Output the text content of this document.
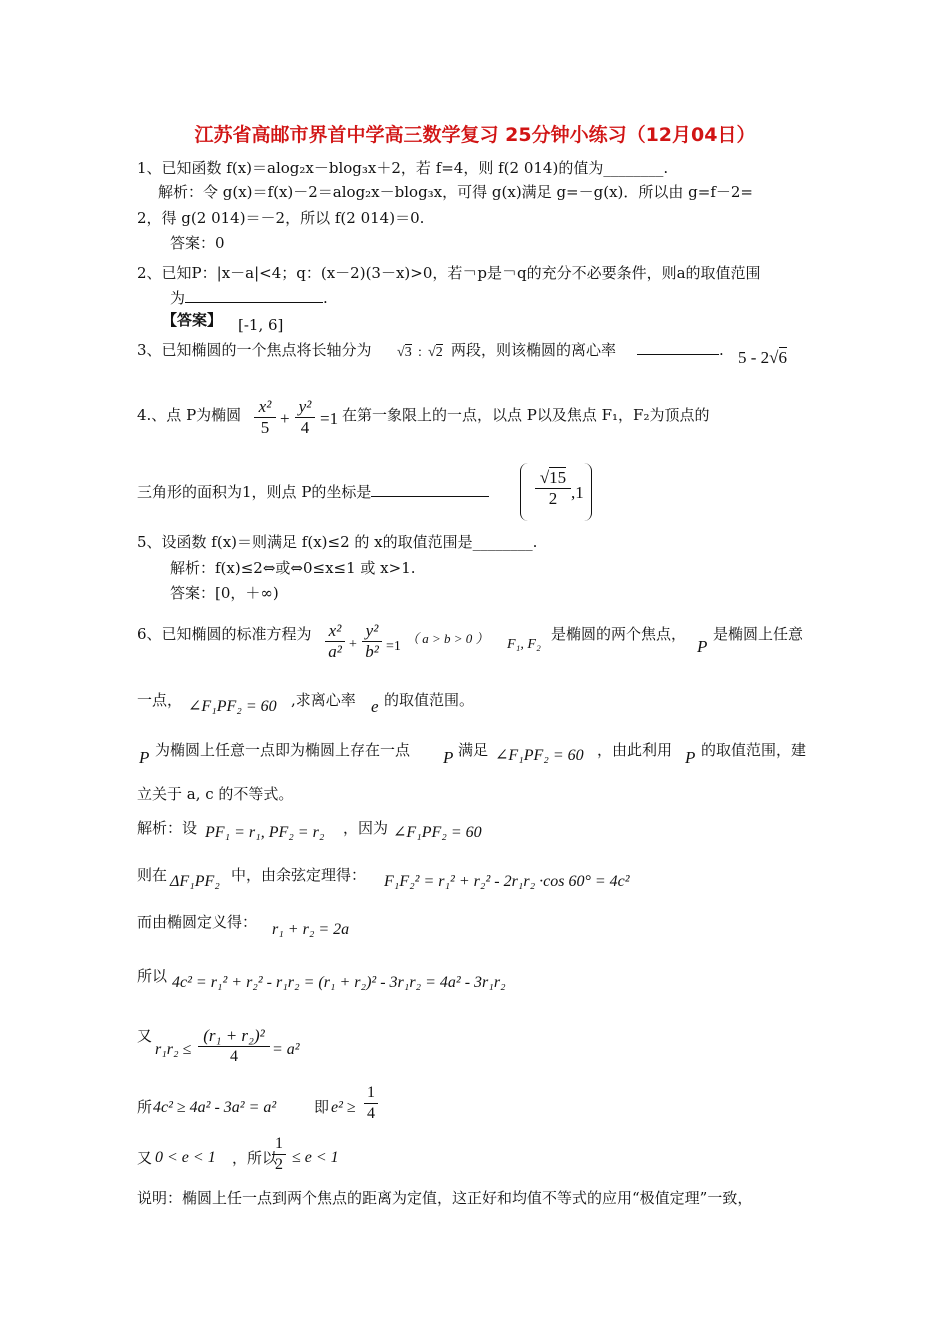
江苏省高邮市界首中学高三数学复习 25分钟小练习（12月04日）
1、已知函数 f(x)＝alog₂x－blog₃x＋2，若 f=4，则 f(2 014)的值为________.
解析：令 g(x)＝f(x)－2＝alog₂x－blog₃x，可得 g(x)满足 g=－g(x)．所以由 g=f－2=
2，得 g(2 014)＝－2，所以 f(2 014)＝0.
答案：0
2、已知P：|x－a|<4；q：(x－2)(3－x)>0，若￢p是￢q的充分不必要条件，则a的取值范围
为	.
【答案】 [-1, 6]
3、已知椭圆的一个焦点将长轴分为 √3 : √2 两段，则该椭圆的离心率	. 5 - 2√6
4.、点 P为椭圆 x²
5 +
y²
4 =1 在第一象限上的一点，以点 P以及焦点 F₁，F₂为顶点的
三角形的面积为1，则点 P的坐标是
√15
2 ,1
5、设函数 f(x)＝则满足 f(x)≤2 的 x的取值范围是________.
解析：f(x)≤2⇔或⇔0≤x≤1 或 x>1.
答案：[0，＋∞)
6、已知椭圆的标准方程为 x²
a² +
y²
b² =1
（ a > b > 0 ） F₁, F₂
是椭圆的两个焦点，
P
是椭圆上任意
一点， ∠F₁PF₂ = 60 ,求离心率 e 的取值范围。
P 为椭圆上任意一点即为椭圆上存在一点 P 满足 ∠F₁PF₂ = 60 ，由此利用 P 的取值范围，建
立关于 a, c 的不等式。
解析：设 PF₁ = r₁, PF₂ = r₂ ，因为 ∠F₁PF₂ = 60
则在 ΔF₁PF₂ 中，由余弦定理得： F₁F₂² = r₁² + r₂² - 2r₁r₂ ·cos 60° = 4c²
而由椭圆定义得： r₁ + r₂ = 2a
所以 4c² = r₁² + r₂² - r₁r₂ = (r₁ + r₂)² - 3r₁r₂ = 4a² - 3r₁r₂
又
r₁r₂ ≤
(r₁ + r₂)²
4	= a²
所 4c² ≥ 4a² - 3a² = a²	即 e² ≥
1
4
又 0 < e < 1 ，所以
1
2 ≤ e < 1
说明：椭圆上任一点到两个焦点的距离为定值，这正好和均值不等式的应用“极值定理”一致，
